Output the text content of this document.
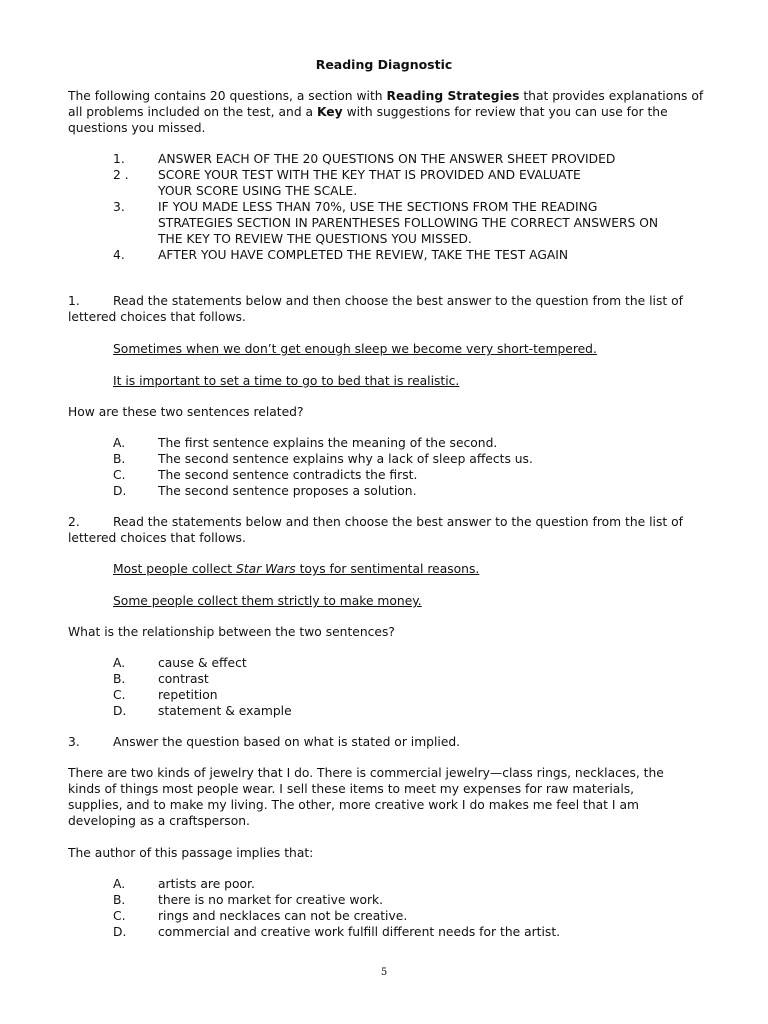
Reading Diagnostic
The following contains 20 questions, a section with Reading Strategies that provides explanations of all problems included on the test, and a Key with suggestions for review that you can use for the questions you missed.
1.	ANSWER EACH OF THE 20 QUESTIONS ON THE ANSWER SHEET PROVIDED
2 . SCORE YOUR TEST WITH THE KEY THAT IS PROVIDED AND EVALUATE
YOUR SCORE USING THE SCALE.
3.	IF YOU MADE LESS THAN 70%, USE THE SECTIONS FROM THE READING
STRATEGIES SECTION IN PARENTHESES FOLLOWING THE CORRECT ANSWERS ON
THE KEY TO REVIEW THE QUESTIONS YOU MISSED.
4.	AFTER YOU HAVE COMPLETED THE REVIEW, TAKE THE TEST AGAIN
1.	Read the statements below and then choose the best answer to the question from the list of
lettered choices that follows.
Sometimes when we don’t get enough sleep we become very short-tempered.
It is important to set a time to go to bed that is realistic.
How are these two sentences related?
A.	The first sentence explains the meaning of the second.
B.	The second sentence explains why a lack of sleep affects us.
C.	The second sentence contradicts the first.
D.	The second sentence proposes a solution.
2.	Read the statements below and then choose the best answer to the question from the list of
lettered choices that follows.
Most people collect Star Wars toys for sentimental reasons.
Some people collect them strictly to make money.
What is the relationship between the two sentences?
A.	cause & effect
B.	contrast
C.	repetition
D.	statement & example
3.	Answer the question based on what is stated or implied.
There are two kinds of jewelry that I do. There is commercial jewelry—class rings, necklaces, the
kinds of things most people wear. I sell these items to meet my expenses for raw materials,
supplies, and to make my living. The other, more creative work I do makes me feel that I am
developing as a craftsperson.
The author of this passage implies that:
A.	artists are poor.
B.	there is no market for creative work.
C.	rings and necklaces can not be creative.
D.	commercial and creative work fulfill different needs for the artist.
5
